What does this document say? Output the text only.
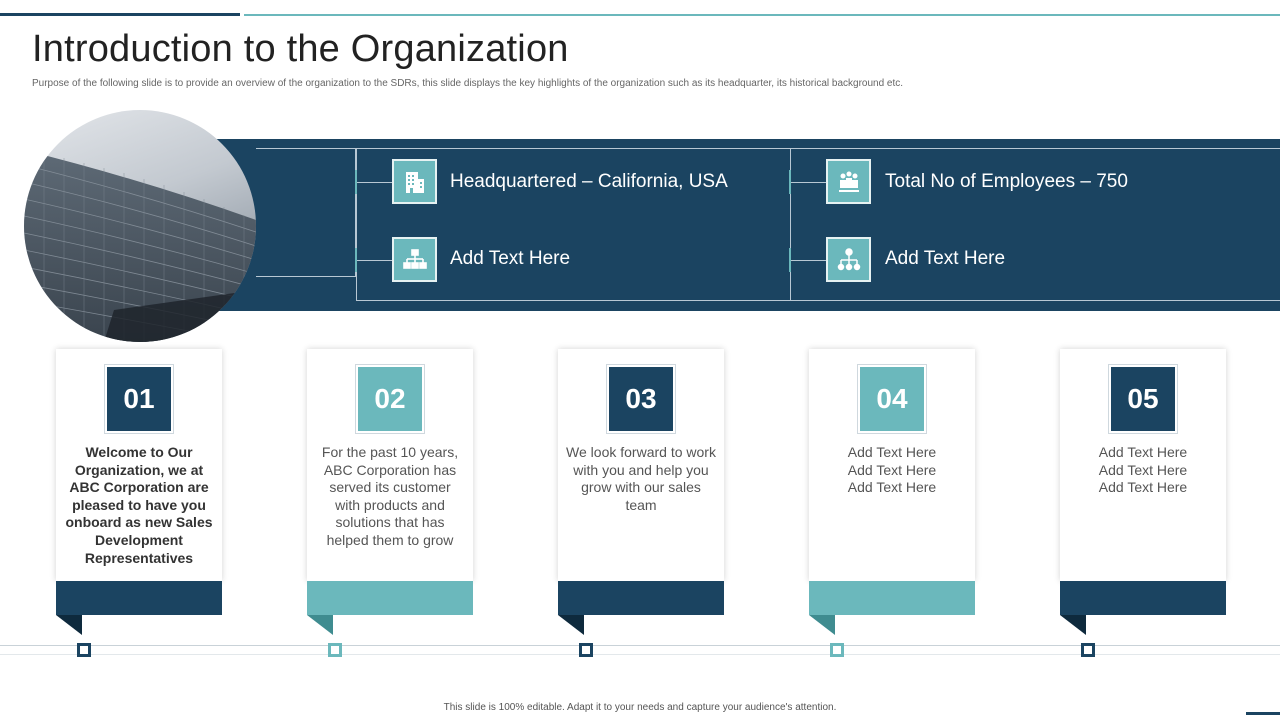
Introduction to the Organization

Purpose of the following slide is to provide an overview of the organization to the SDRs, this slide displays the key highlights of the organization such as its headquarter, its historical background etc.

Headquartered – California, USA
Add Text Here
Total No of Employees – 750
Add Text Here
01
Welcome to Our Organization, we at ABC Corporation are pleased to have you onboard as new Sales Development Representatives
02
For the past 10 years, ABC Corporation has served its customer with products and solutions that has helped them to grow
03
We look forward to work with you and help you grow with our sales team
04
Add Text Here
Add Text Here
Add Text Here
05
Add Text Here
Add Text Here
Add Text Here
This slide is 100% editable. Adapt it to your needs and capture your audience's attention.
